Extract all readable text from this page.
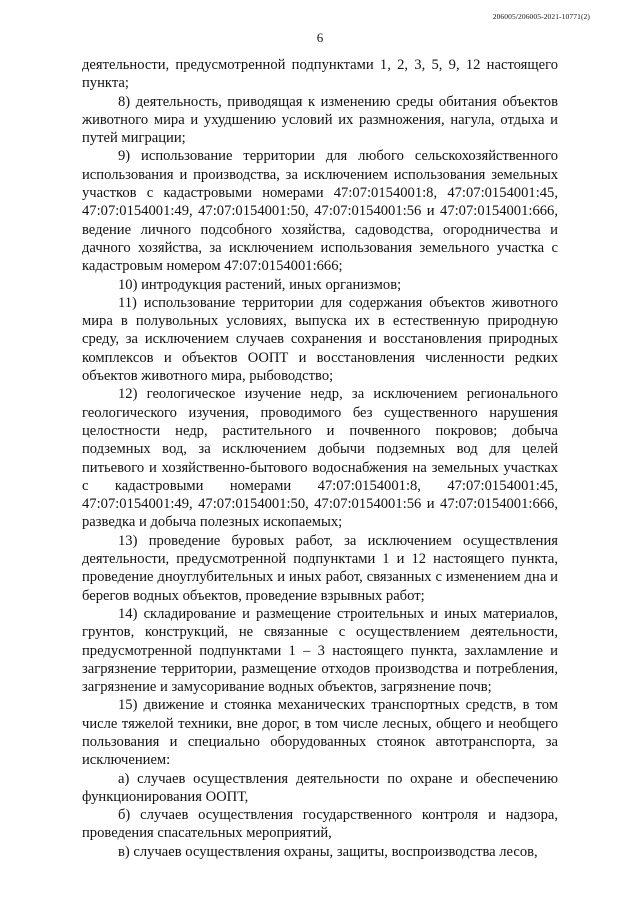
206005/206005-2021-10771(2)
6

деятельности, предусмотренной подпунктами 1, 2, 3, 5, 9, 12 настоящего пункта;

8) деятельность, приводящая к изменению среды обитания объектов животного мира и ухудшению условий их размножения, нагула, отдыха и путей миграции;

9) использование территории для любого сельскохозяйственного использования и производства, за исключением использования земельных участков с кадастровыми номерами 47:07:0154001:8, 47:07:0154001:45, 47:07:0154001:49, 47:07:0154001:50, 47:07:0154001:56 и 47:07:0154001:666, ведение личного подсобного хозяйства, садоводства, огородничества и дачного хозяйства, за исключением использования земельного участка с кадастровым номером 47:07:0154001:666;

10) интродукция растений, иных организмов;

11) использование территории для содержания объектов животного мира в полувольных условиях, выпуска их в естественную природную среду, за исключением случаев сохранения и восстановления природных комплексов и объектов ООПТ и восстановления численности редких объектов животного мира, рыбоводство;

12) геологическое изучение недр, за исключением регионального геологического изучения, проводимого без существенного нарушения целостности недр, растительного и почвенного покровов; добыча подземных вод, за исключением добычи подземных вод для целей питьевого и хозяйственно-бытового водоснабжения на земельных участках с кадастровыми номерами 47:07:0154001:8, 47:07:0154001:45, 47:07:0154001:49, 47:07:0154001:50, 47:07:0154001:56 и 47:07:0154001:666, разведка и добыча полезных ископаемых;

13) проведение буровых работ, за исключением осуществления деятельности, предусмотренной подпунктами 1 и 12 настоящего пункта, проведение дноуглубительных и иных работ, связанных с изменением дна и берегов водных объектов, проведение взрывных работ;

14) складирование и размещение строительных и иных материалов, грунтов, конструкций, не связанные с осуществлением деятельности, предусмотренной подпунктами 1 – 3 настоящего пункта, захламление и загрязнение территории, размещение отходов производства и потребления, загрязнение и замусоривание водных объектов, загрязнение почв;

15) движение и стоянка механических транспортных средств, в том числе тяжелой техники, вне дорог, в том числе лесных, общего и необщего пользования и специально оборудованных стоянок автотранспорта, за исключением:

а) случаев осуществления деятельности по охране и обеспечению функционирования ООПТ,

б) случаев осуществления государственного контроля и надзора, проведения спасательных мероприятий,

в) случаев осуществления охраны, защиты, воспроизводства лесов,
